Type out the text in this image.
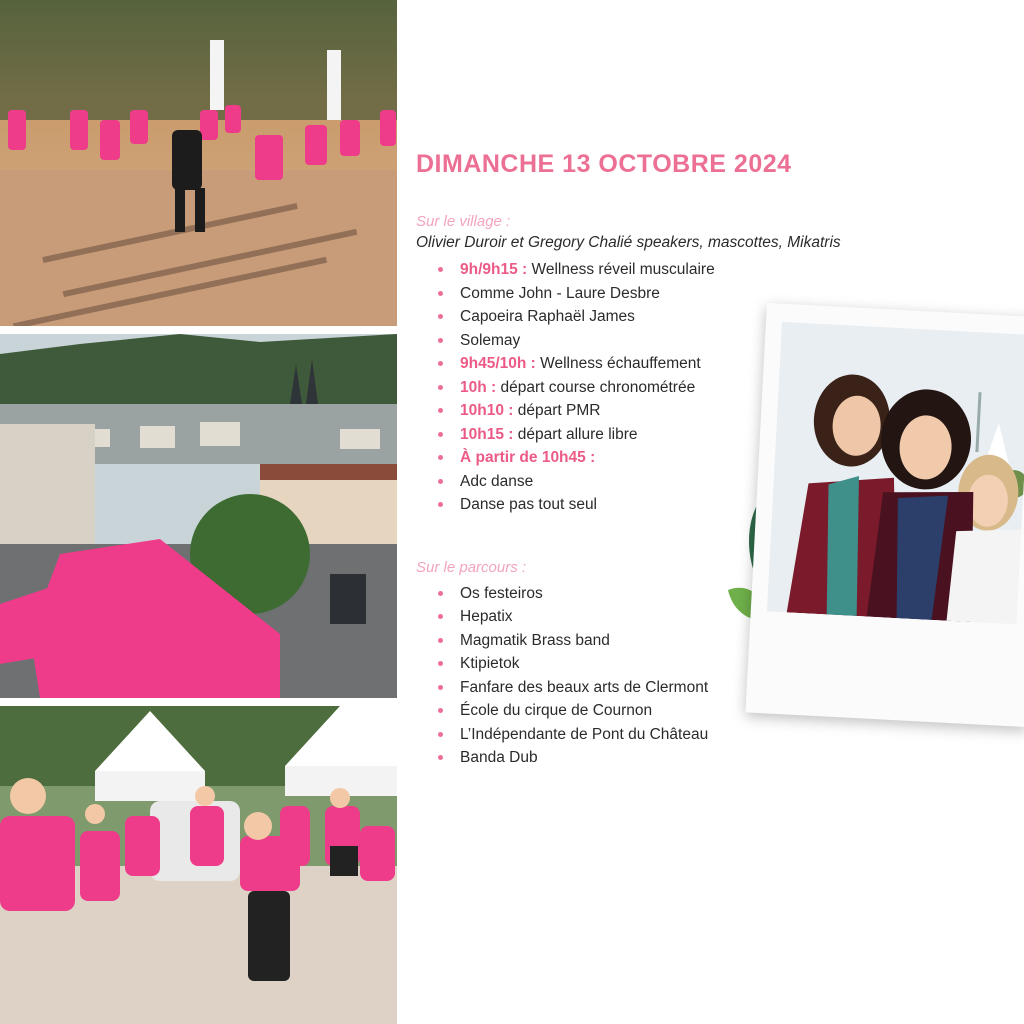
DIMANCHE 13 OCTOBRE 2024
Sur le village :
Olivier Duroir et Gregory Chalié speakers, mascottes, Mikatris
9h/9h15 : Wellness réveil musculaire
Comme John - Laure Desbre
Capoeira Raphaël James
Solemay
9h45/10h : Wellness échauffement
10h : départ course chronométrée
10h10 : départ PMR
10h15 : départ allure libre
À partir de 10h45 :
Adc danse
Danse pas tout seul
Sur le parcours :
Os festeiros
Hepatix
Magmatik Brass band
Ktipietok
Fanfare des beaux arts de Clermont
École du cirque de Cournon
L’Indépendante de Pont du Château
Banda Dub
